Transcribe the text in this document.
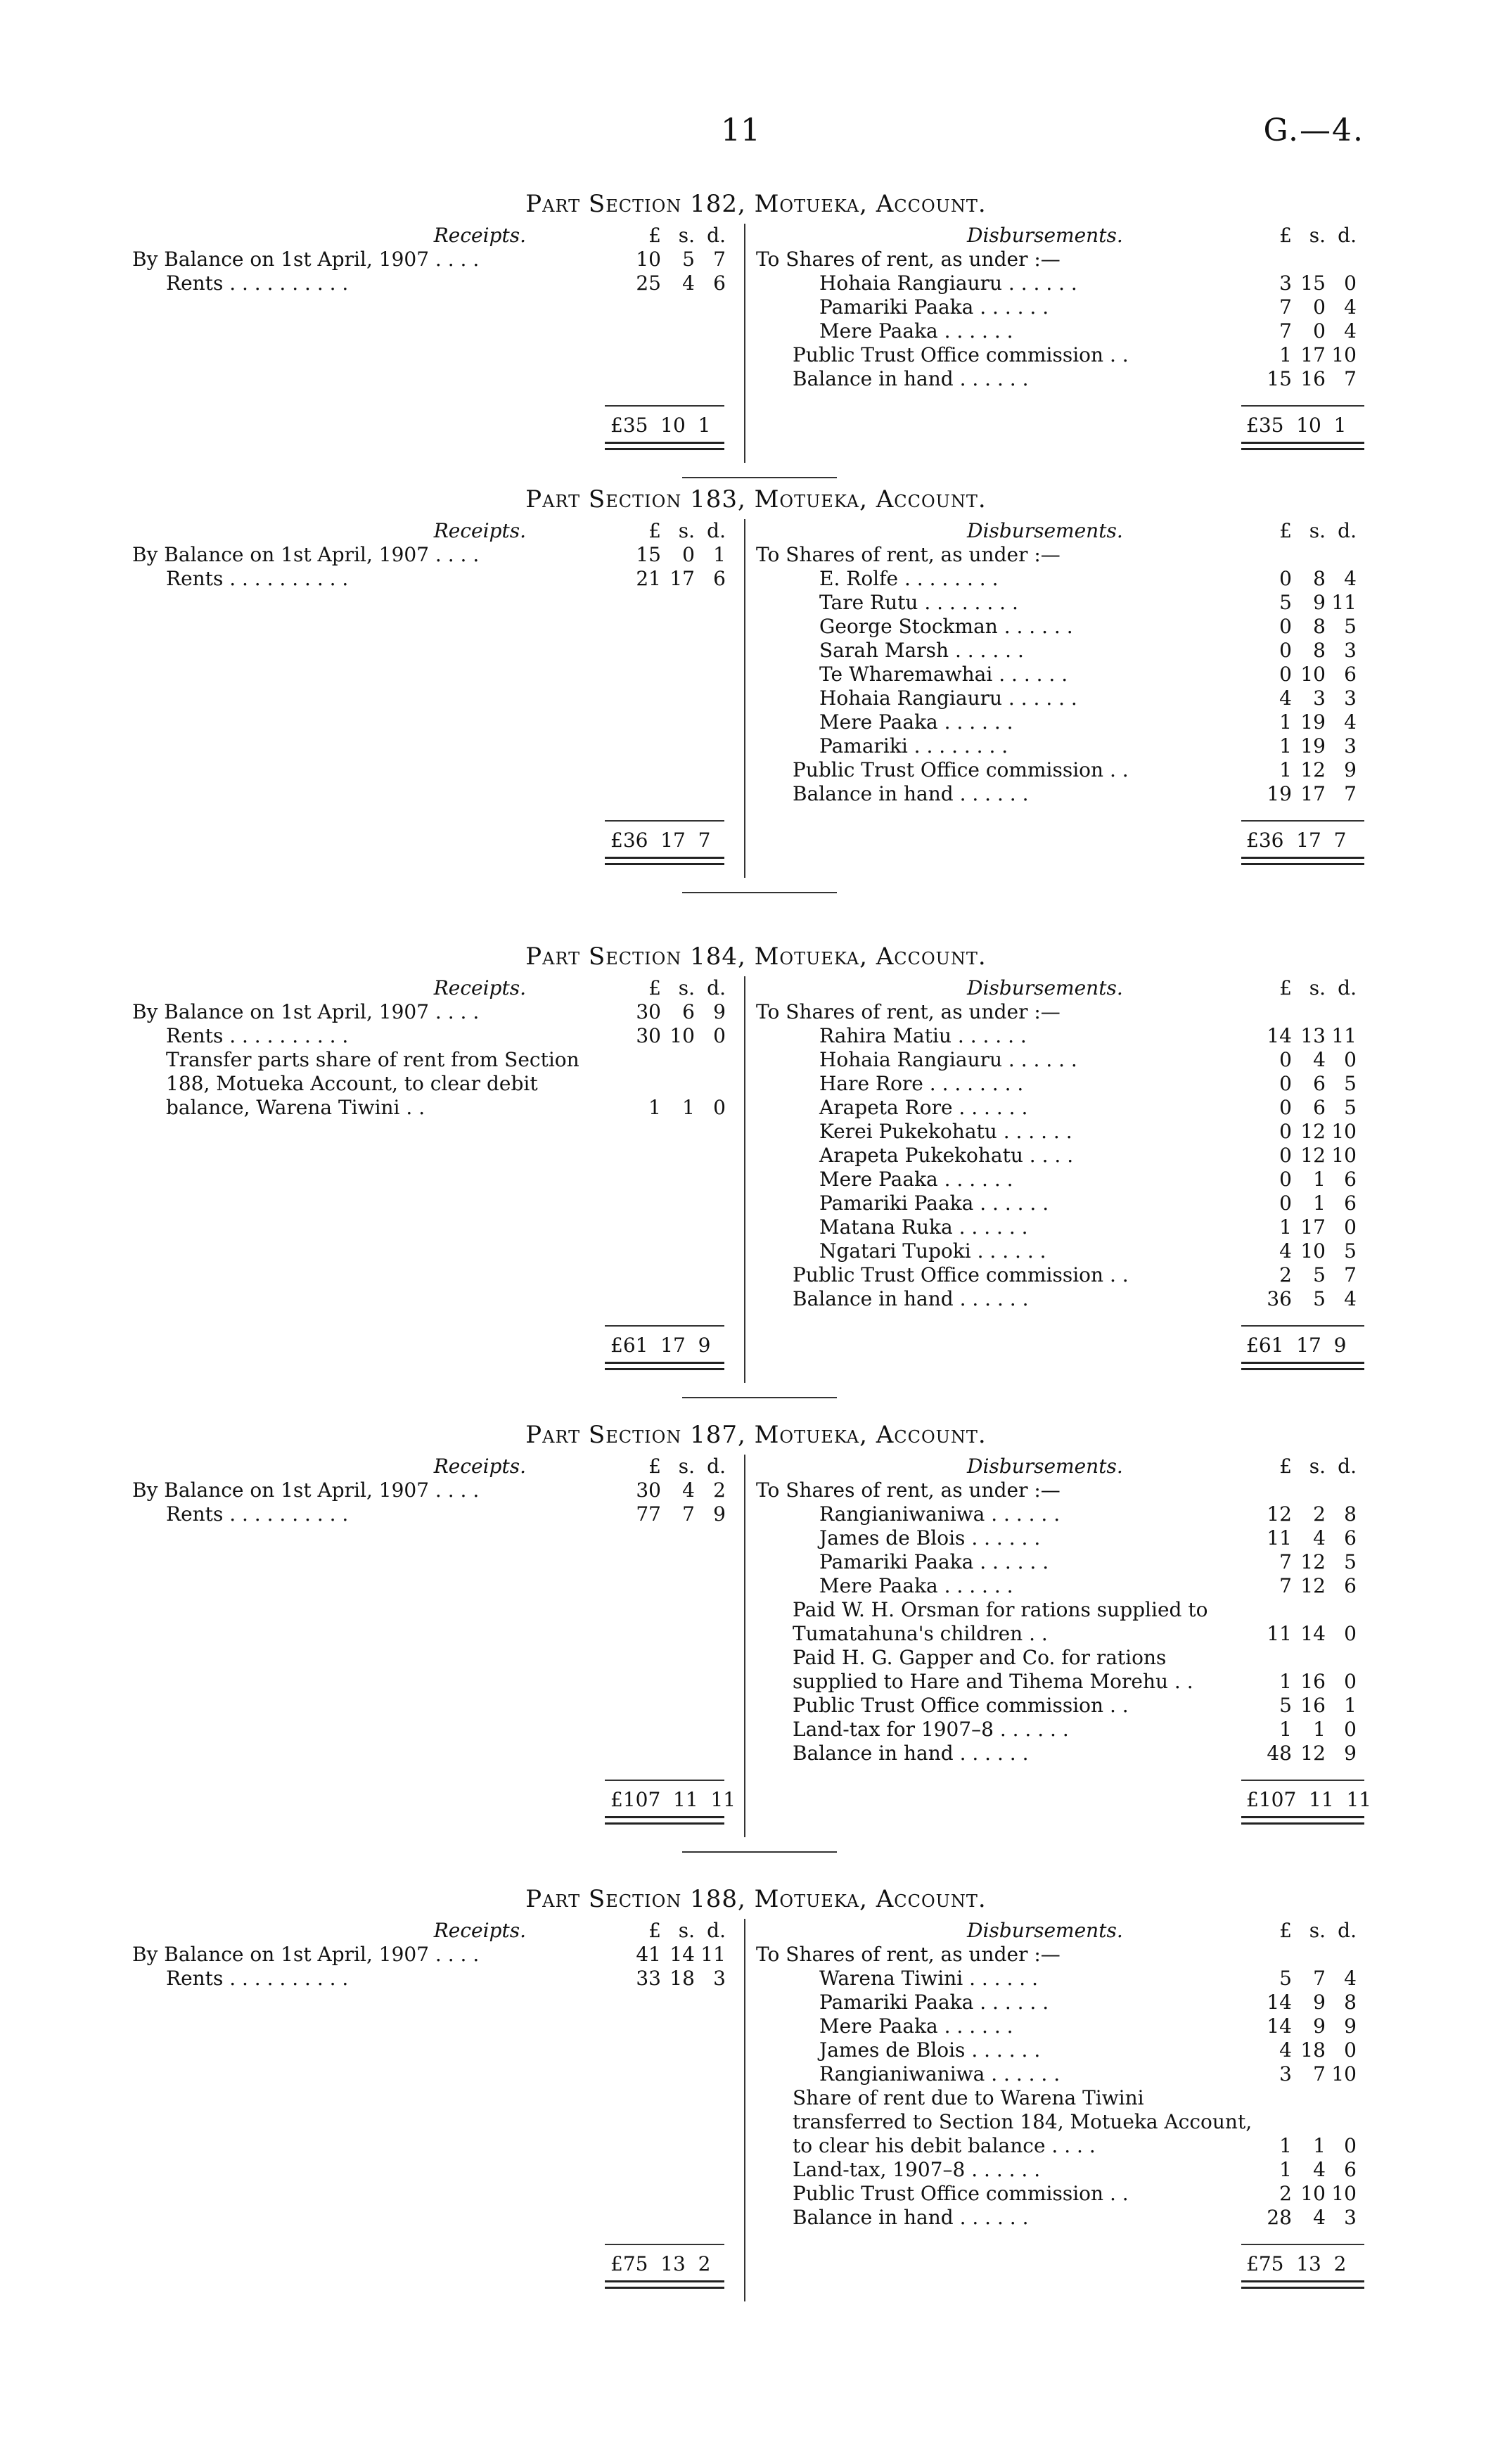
11	G.—4.
Part Section 182, Motueka, Account.
Receipts.	£ s. d.
By Balance on 1st April, 1907 . . . .	10	5 7
Rents . . . . . . . . . .	25	4 6
Disbursements.	£ s. d.
To Shares of rent, as under :—
Hohaia Rangiauru . . . . . .	3 15 0
Pamariki Paaka . . . . . .	7	0 4
Mere Paaka . . . . . .	7	0 4
Public Trust Office commission . .	1 17 10
Balance in hand . . . . . .	15 16 7
£35  10  1	£35  10  1
Part Section 183, Motueka, Account.
Receipts.	£ s. d.
By Balance on 1st April, 1907 . . . .	15	0 1
Rents . . . . . . . . . .	21 17 6
Disbursements.	£ s. d.
To Shares of rent, as under :—
E. Rolfe . . . . . . . .	0	8 4
Tare Rutu . . . . . . . .	5	9 11
George Stockman . . . . . .	0	8 5
Sarah Marsh . . . . . .	0	8 3
Te Wharemawhai . . . . . .	0 10 6
Hohaia Rangiauru . . . . . .	4	3 3
Mere Paaka . . . . . .	1 19 4
Pamariki . . . . . . . .	1 19 3
Public Trust Office commission . .	1 12 9
Balance in hand . . . . . .	19 17 7
£36  17  7	£36  17  7
Part Section 184, Motueka, Account.
Receipts.	£ s. d.
By Balance on 1st April, 1907 . . . .	30	6 9
Rents . . . . . . . . . .	30 10 0
Transfer parts share of rent from Section 188, Motueka Account, to clear debit balance, Warena Tiwini . .	1	1 0
Disbursements.	£ s. d.
To Shares of rent, as under :—
Rahira Matiu . . . . . .	14 13 11
Hohaia Rangiauru . . . . . .	0	4 0
Hare Rore . . . . . . . .	0	6 5
Arapeta Rore . . . . . .	0	6 5
Kerei Pukekohatu . . . . . .	0 12 10
Arapeta Pukekohatu . . . .	0 12 10
Mere Paaka . . . . . .	0	1 6
Pamariki Paaka . . . . . .	0	1 6
Matana Ruka . . . . . .	1 17 0
Ngatari Tupoki . . . . . .	4 10 5
Public Trust Office commission . .	2	5 7
Balance in hand . . . . . .	36	5 4
£61  17  9	£61  17  9
Part Section 187, Motueka, Account.
Receipts.	£ s. d.
By Balance on 1st April, 1907 . . . .	30	4 2
Rents . . . . . . . . . .	77	7 9
Disbursements.	£ s. d.
To Shares of rent, as under :—
Rangianiwaniwa . . . . . .	12	2 8
James de Blois . . . . . .	11	4 6
Pamariki Paaka . . . . . .	7 12 5
Mere Paaka . . . . . .	7 12 6
Paid W. H. Orsman for rations supplied to Tumatahuna's children . .	11 14 0
Paid H. G. Gapper and Co. for rations supplied to Hare and Tihema Morehu . .	1 16 0
Public Trust Office commission . .	5 16 1
Land-tax for 1907–8 . . . . . .	1	1 0
Balance in hand . . . . . .	48 12 9
£107  11  11	£107  11  11
Part Section 188, Motueka, Account.
Receipts.	£ s. d.
By Balance on 1st April, 1907 . . . .	41 14 11
Rents . . . . . . . . . .	33 18 3
Disbursements.	£ s. d.
To Shares of rent, as under :—
Warena Tiwini . . . . . .	5	7 4
Pamariki Paaka . . . . . .	14	9 8
Mere Paaka . . . . . .	14	9 9
James de Blois . . . . . .	4 18 0
Rangianiwaniwa . . . . . .	3	7 10
Share of rent due to Warena Tiwini transferred to Section 184, Motueka Account, to clear his debit balance . . . .	1	1 0
Land-tax, 1907–8 . . . . . .	1	4 6
Public Trust Office commission . .	2 10 10
Balance in hand . . . . . .	28	4 3
£75  13  2	£75  13  2
